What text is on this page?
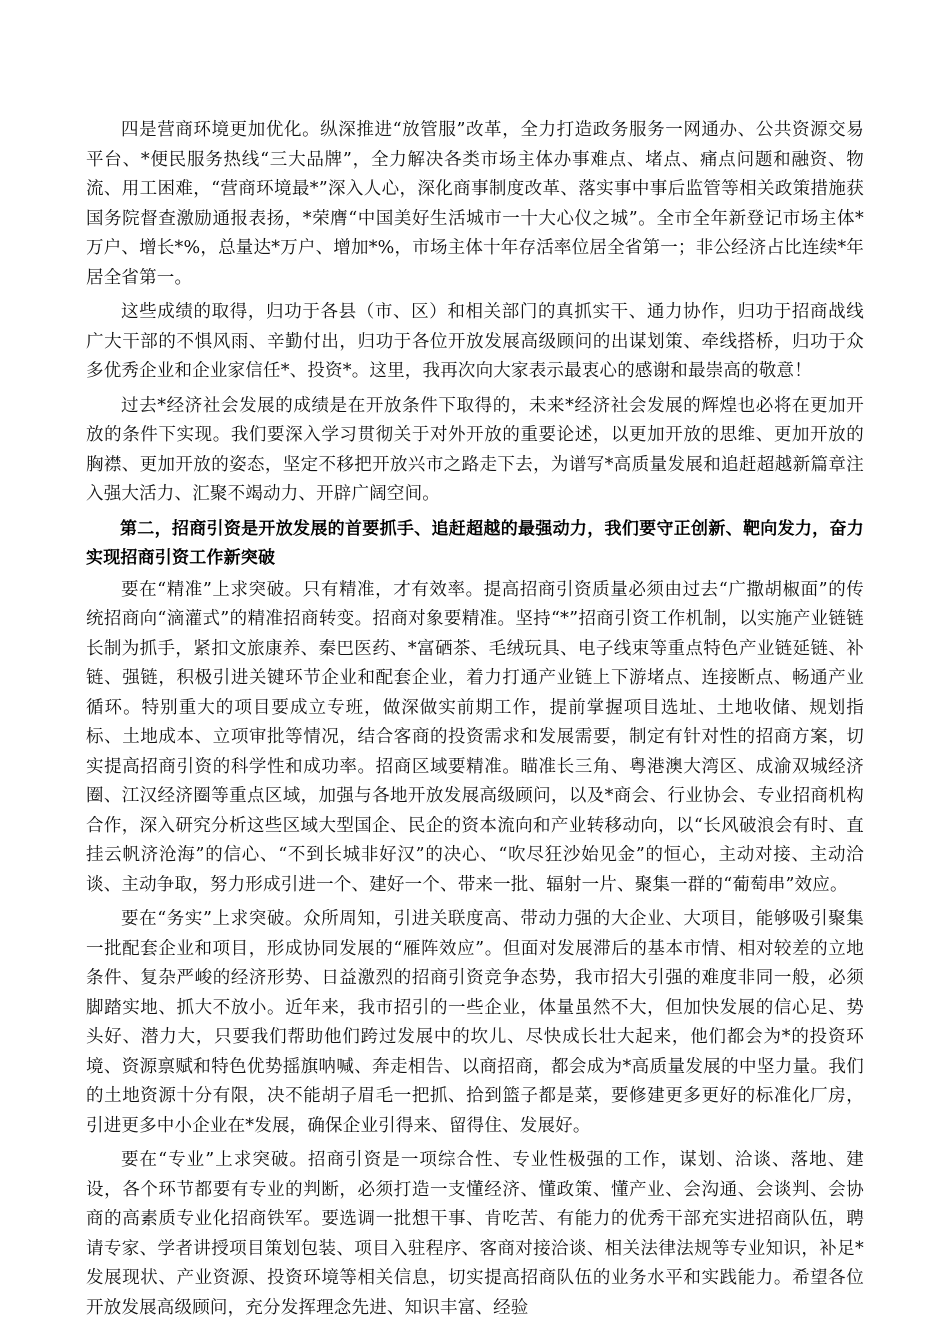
四是营商环境更加优化。纵深推进“放管服”改革，全力打造政务服务一网通办、公共资源交易平台、*便民服务热线“三大品牌”，全力解决各类市场主体办事难点、堵点、痛点问题和融资、物流、用工困难，“营商环境最*”深入人心，深化商事制度改革、落实事中事后监管等相关政策措施获国务院督查激励通报表扬，*荣膺“中国美好生活城市一十大心仪之城”。全市全年新登记市场主体*万户、增长*%，总量达*万户、增加*%，市场主体十年存活率位居全省第一；非公经济占比连续*年居全省第一。

这些成绩的取得，归功于各县（市、区）和相关部门的真抓实干、通力协作，归功于招商战线广大干部的不惧风雨、辛勤付出，归功于各位开放发展高级顾问的出谋划策、牵线搭桥，归功于众多优秀企业和企业家信任*、投资*。这里，我再次向大家表示最衷心的感谢和最崇高的敬意！

过去*经济社会发展的成绩是在开放条件下取得的，未来*经济社会发展的辉煌也必将在更加开放的条件下实现。我们要深入学习贯彻关于对外开放的重要论述，以更加开放的思维、更加开放的胸襟、更加开放的姿态，坚定不移把开放兴市之路走下去，为谱写*高质量发展和追赶超越新篇章注入强大活力、汇聚不竭动力、开辟广阔空间。

第二，招商引资是开放发展的首要抓手、追赶超越的最强动力，我们要守正创新、靶向发力，奋力实现招商引资工作新突破

要在“精准”上求突破。只有精准，才有效率。提高招商引资质量必须由过去“广撒胡椒面”的传统招商向“滴灌式”的精准招商转变。招商对象要精准。坚持“*”招商引资工作机制，以实施产业链链长制为抓手，紧扣文旅康养、秦巴医药、*富硒茶、毛绒玩具、电子线束等重点特色产业链延链、补链、强链，积极引进关键环节企业和配套企业，着力打通产业链上下游堵点、连接断点、畅通产业循环。特别重大的项目要成立专班，做深做实前期工作，提前掌握项目选址、土地收储、规划指标、土地成本、立项审批等情况，结合客商的投资需求和发展需要，制定有针对性的招商方案，切实提高招商引资的科学性和成功率。招商区域要精准。瞄准长三角、粤港澳大湾区、成渝双城经济圈、江汉经济圈等重点区域，加强与各地开放发展高级顾问，以及*商会、行业协会、专业招商机构合作，深入研究分析这些区域大型国企、民企的资本流向和产业转移动向，以“长风破浪会有时、直挂云帆济沧海”的信心、“不到长城非好汉”的决心、“吹尽狂沙始见金”的恒心，主动对接、主动洽谈、主动争取，努力形成引进一个、建好一个、带来一批、辐射一片、聚集一群的“葡萄串”效应。

要在“务实”上求突破。众所周知，引进关联度高、带动力强的大企业、大项目，能够吸引聚集一批配套企业和项目，形成协同发展的“雁阵效应”。但面对发展滞后的基本市情、相对较差的立地条件、复杂严峻的经济形势、日益激烈的招商引资竞争态势，我市招大引强的难度非同一般，必须脚踏实地、抓大不放小。近年来，我市招引的一些企业，体量虽然不大，但加快发展的信心足、势头好、潜力大，只要我们帮助他们跨过发展中的坎儿、尽快成长壮大起来，他们都会为*的投资环境、资源禀赋和特色优势摇旗呐喊、奔走相告、以商招商，都会成为*高质量发展的中坚力量。我们的土地资源十分有限，决不能胡子眉毛一把抓、拾到篮子都是菜，要修建更多更好的标准化厂房，引进更多中小企业在*发展，确保企业引得来、留得住、发展好。

要在“专业”上求突破。招商引资是一项综合性、专业性极强的工作，谋划、洽谈、落地、建设，各个环节都要有专业的判断，必须打造一支懂经济、懂政策、懂产业、会沟通、会谈判、会协商的高素质专业化招商铁军。要选调一批想干事、肯吃苦、有能力的优秀干部充实进招商队伍，聘请专家、学者讲授项目策划包装、项目入驻程序、客商对接洽谈、相关法律法规等专业知识，补足*发展现状、产业资源、投资环境等相关信息，切实提高招商队伍的业务水平和实践能力。希望各位开放发展高级顾问，充分发挥理念先进、知识丰富、经验
